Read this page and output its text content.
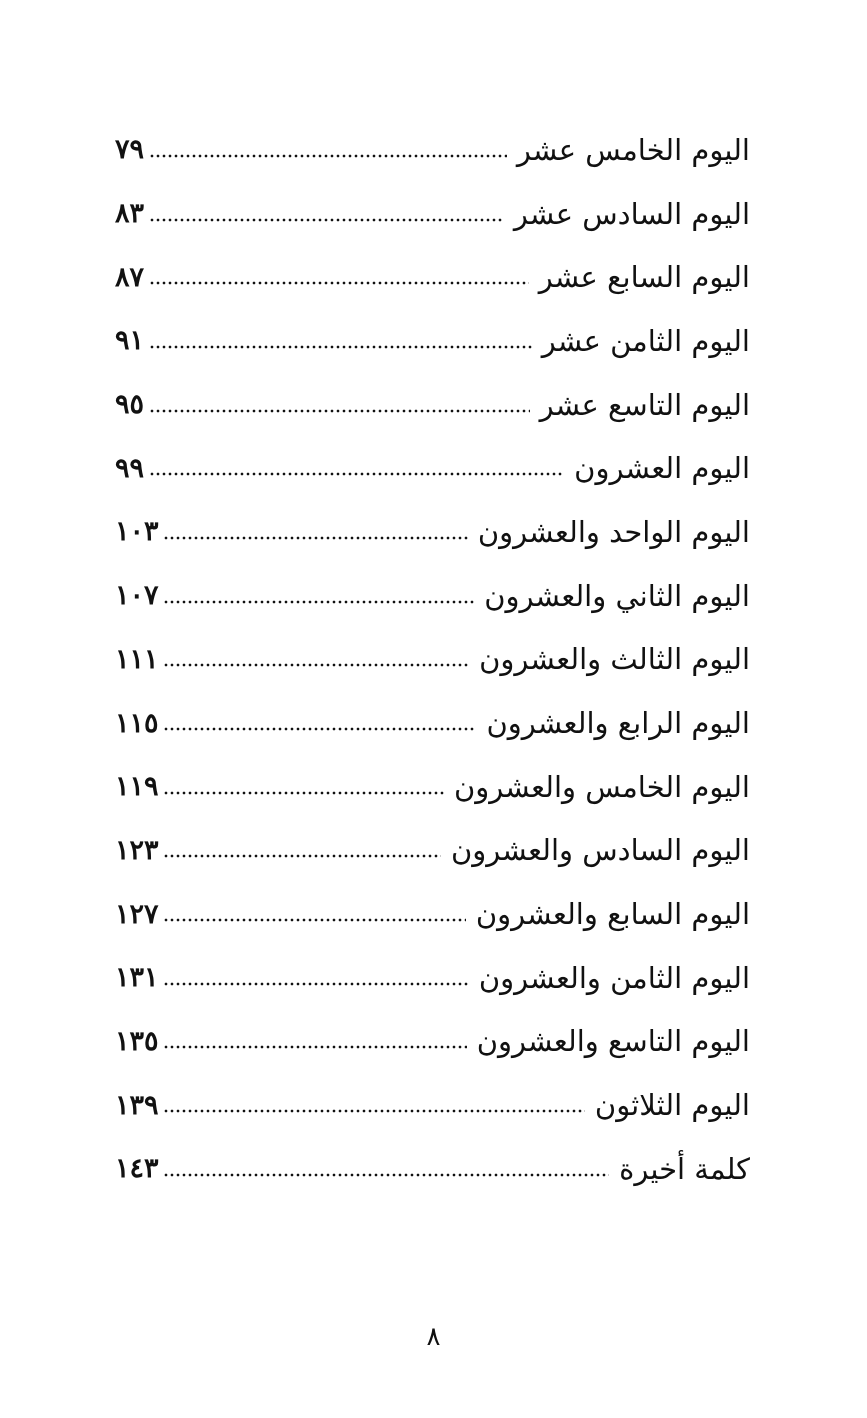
اليوم الخامس عشر
٧٩
اليوم السادس عشر
٨٣
اليوم السابع عشر
٨٧
اليوم الثامن عشر
٩١
اليوم التاسع عشر
٩٥
اليوم العشرون
٩٩
اليوم الواحد والعشرون
١٠٣
اليوم الثاني والعشرون
١٠٧
اليوم الثالث والعشرون
١١١
اليوم الرابع والعشرون
١١٥
اليوم الخامس والعشرون
١١٩
اليوم السادس والعشرون
١٢٣
اليوم السابع والعشرون
١٢٧
اليوم الثامن والعشرون
١٣١
اليوم التاسع والعشرون
١٣٥
اليوم الثلاثون
١٣٩
كلمة أخيرة
١٤٣
٨
